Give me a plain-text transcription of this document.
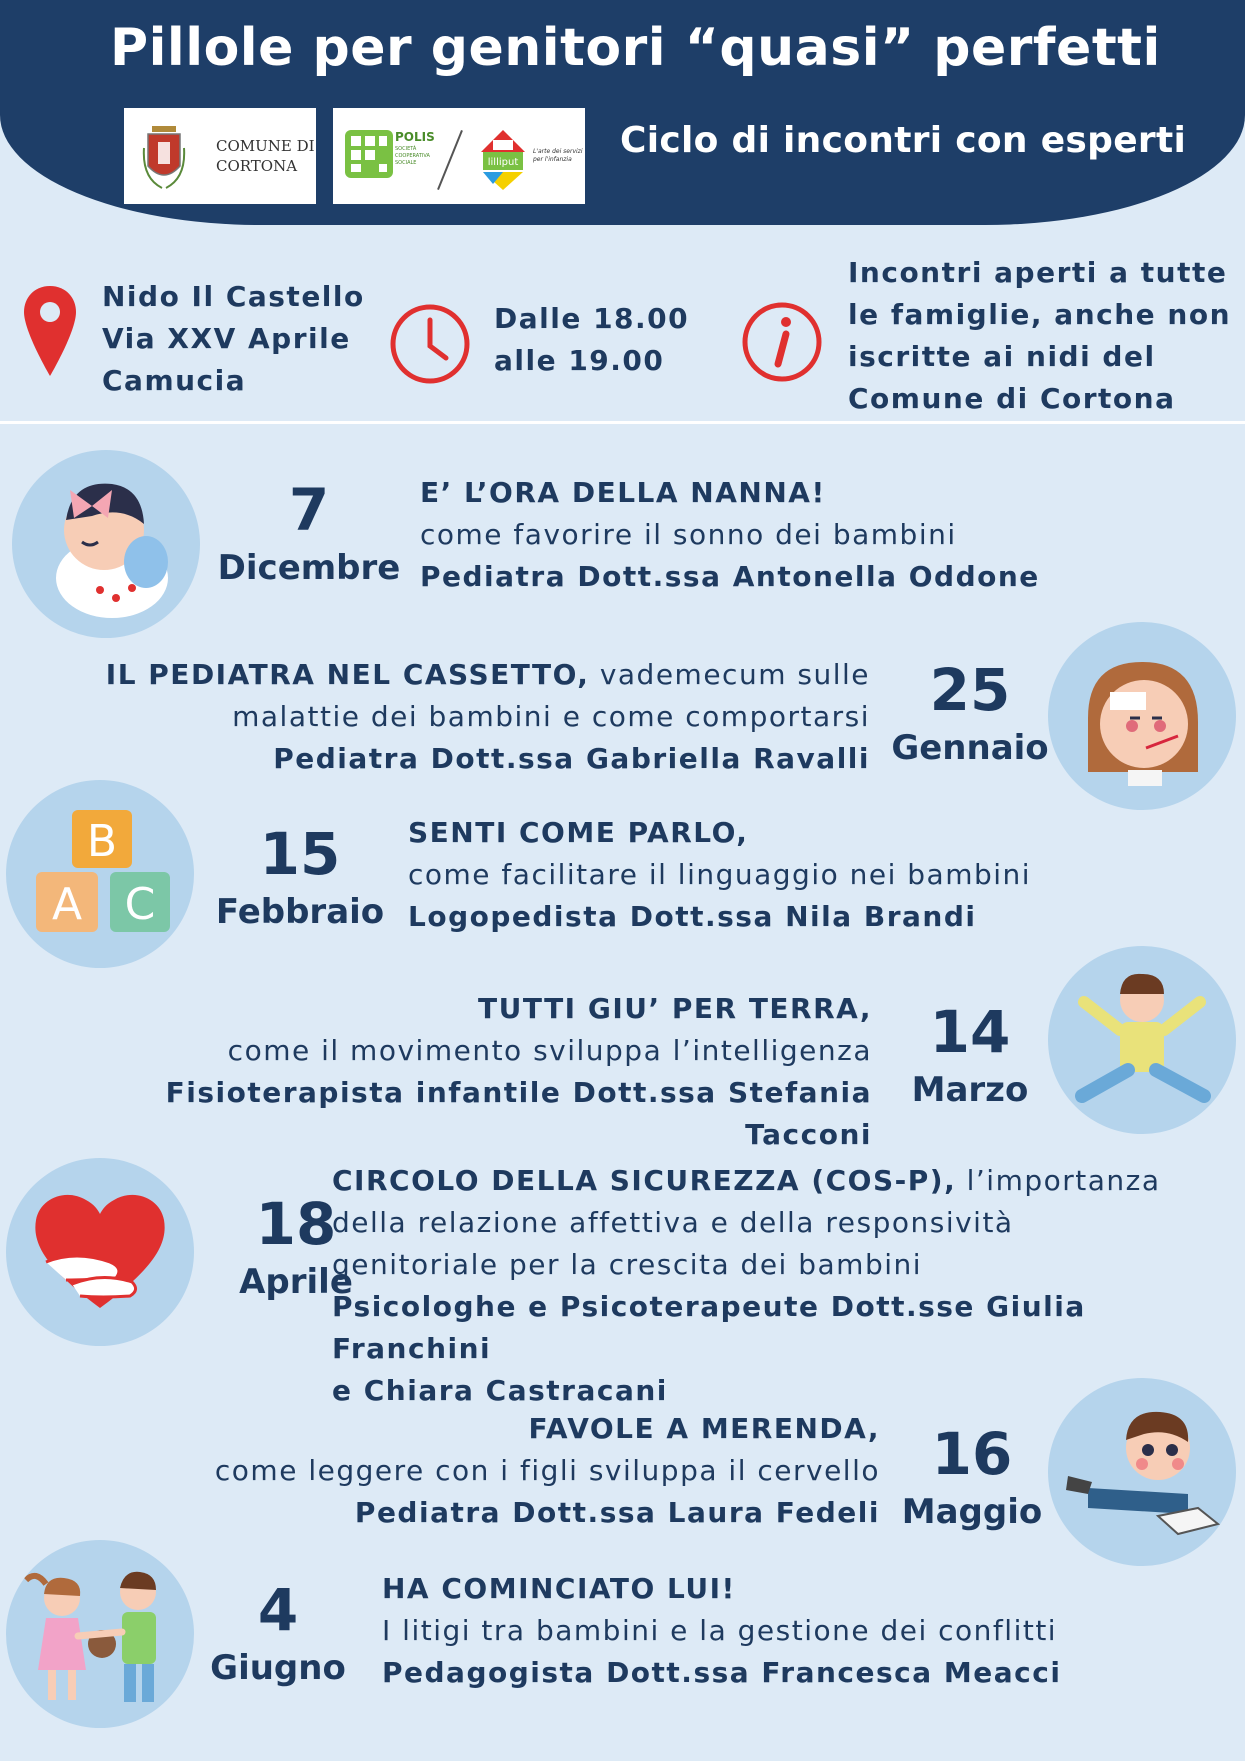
Pillole per genitori “quasi” perfetti
COMUNE DI
CORTONA
POLIS
SOCIETÀ COOPERATIVA SOCIALE	lilliput
L'arte dei servizi per l'infanzia	Ciclo di incontri con esperti
Nido Il Castello
Via XXV Aprile
Camucia
Dalle 18.00
alle 19.00
Incontri aperti a tutte
le famiglie, anche non
iscritte ai nidi del
Comune di Cortona
7
Dicembre
E’ L’ORA DELLA NANNA!
come favorire il sonno dei bambini
Pediatra Dott.ssa Antonella Oddone
IL PEDIATRA NEL CASSETTO, vademecum sulle
malattie dei bambini e come comportarsi
Pediatra Dott.ssa Gabriella Ravalli
25
Gennaio
B
A C
15
Febbraio
SENTI COME PARLO,
come facilitare il linguaggio nei bambini
Logopedista Dott.ssa Nila Brandi
TUTTI GIU’ PER TERRA,
come il movimento sviluppa l’intelligenza
Fisioterapista infantile Dott.ssa Stefania Tacconi
14
Marzo
18
Aprile
CIRCOLO DELLA SICUREZZA (COS-P), l’importanza
della relazione affettiva e della responsività
genitoriale per la crescita dei bambini
Psicologhe e Psicoterapeute Dott.sse Giulia Franchini
e Chiara Castracani
FAVOLE A MERENDA,
come leggere con i figli sviluppa il cervello
Pediatra Dott.ssa Laura Fedeli
16
Maggio
4
Giugno
HA COMINCIATO LUI!
I litigi tra bambini e la gestione dei conflitti
Pedagogista Dott.ssa Francesca Meacci
